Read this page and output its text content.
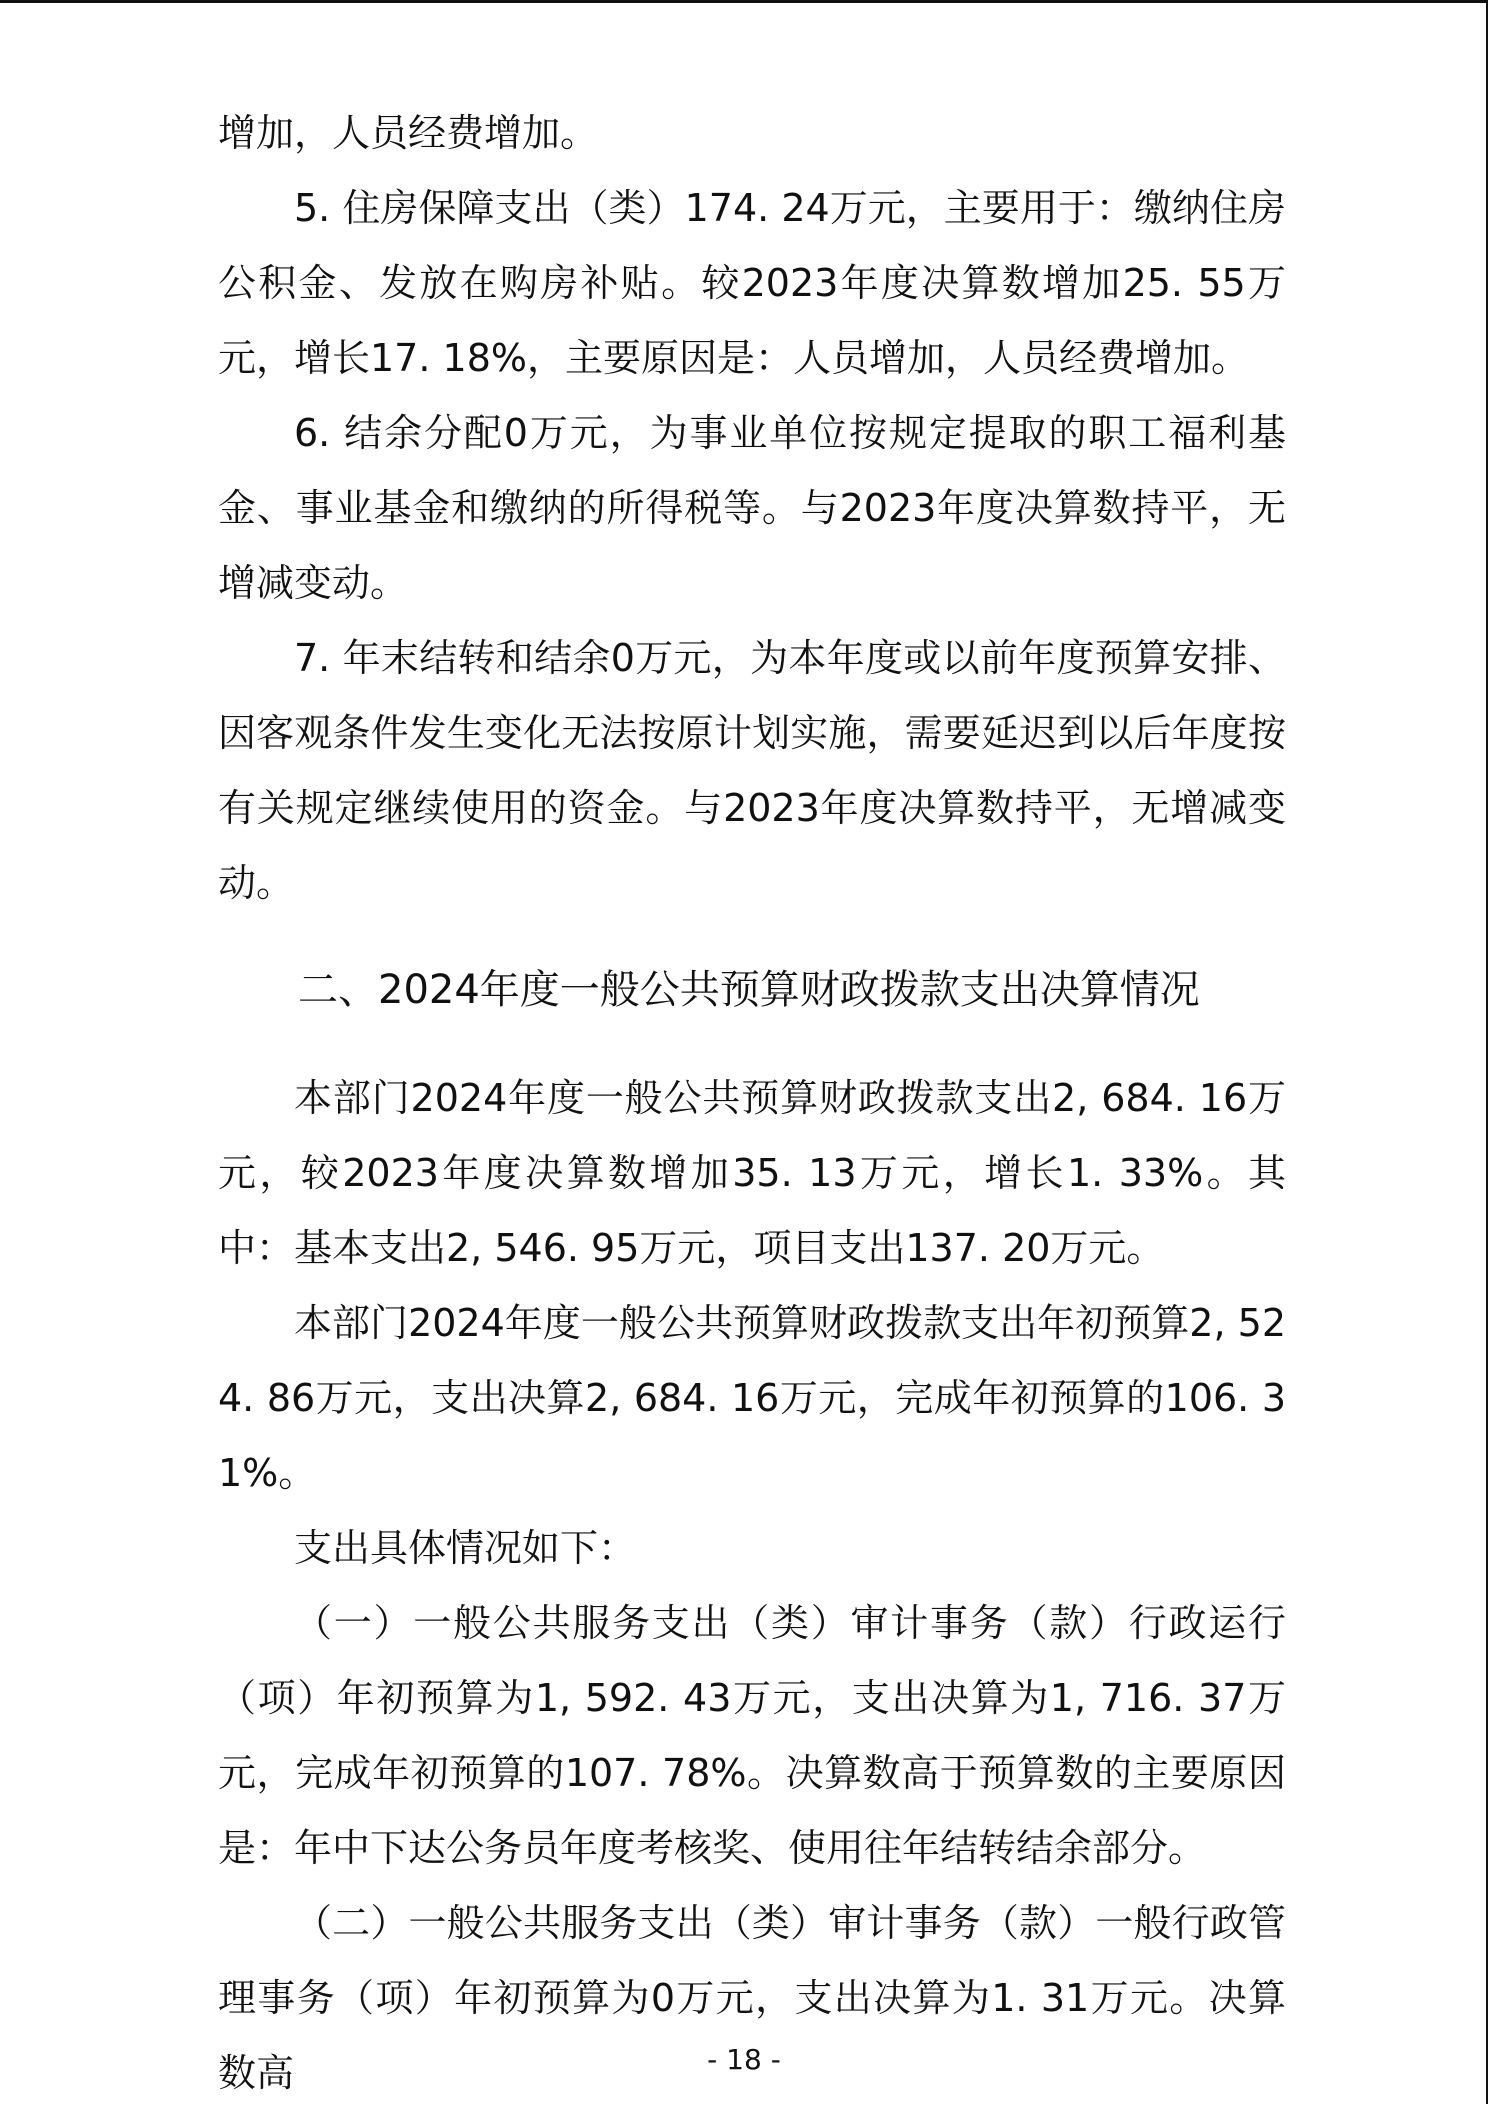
增加，人员经费增加。

5. 住房保障支出（类）174. 24万元，主要用于：缴纳住房公积金、发放在购房补贴。较2023年度决算数增加25. 55万元，增长17. 18%，主要原因是：人员增加，人员经费增加。

6. 结余分配0万元，为事业单位按规定提取的职工福利基金、事业基金和缴纳的所得税等。与2023年度决算数持平，无增减变动。

7. 年末结转和结余0万元，为本年度或以前年度预算安排、因客观条件发生变化无法按原计划实施，需要延迟到以后年度按有关规定继续使用的资金。与2023年度决算数持平，无增减变动。

二、2024年度一般公共预算财政拨款支出决算情况

本部门2024年度一般公共预算财政拨款支出2, 684. 16万元，较2023年度决算数增加35. 13万元，增长1. 33%。其中：基本支出2, 546. 95万元，项目支出137. 20万元。

本部门2024年度一般公共预算财政拨款支出年初预算2, 524. 86万元，支出决算2, 684. 16万元，完成年初预算的106. 31%。

支出具体情况如下：

（一）一般公共服务支出（类）审计事务（款）行政运行（项）年初预算为1, 592. 43万元，支出决算为1, 716. 37万元，完成年初预算的107. 78%。决算数高于预算数的主要原因是：年中下达公务员年度考核奖、使用往年结转结余部分。

（二）一般公共服务支出（类）审计事务（款）一般行政管理事务（项）年初预算为0万元，支出决算为1. 31万元。决算数高	- 18 -
